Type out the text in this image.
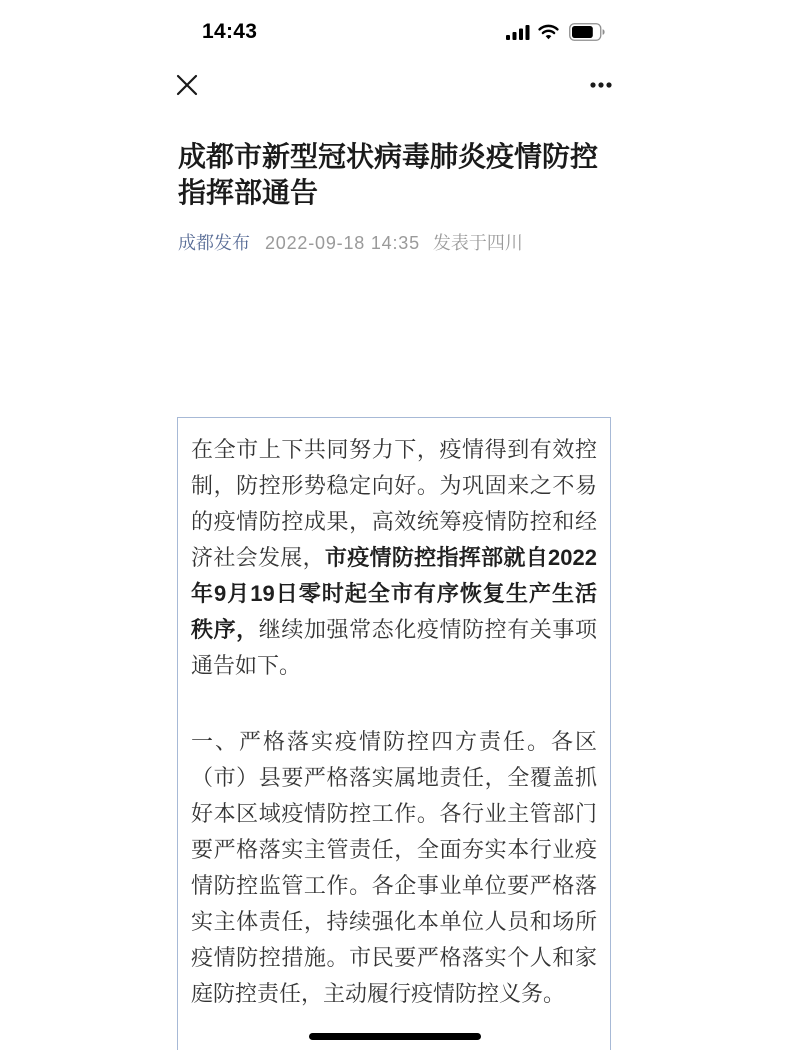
14:43
成都市新型冠状病毒肺炎疫情防控指挥部通告
成都发布 2022-09-18 14:35 发表于四川

在全市上下共同努力下，疫情得到有效控制，防控形势稳定向好。为巩固来之不易的疫情防控成果，高效统筹疫情防控和经济社会发展，市疫情防控指挥部就自2022年9月19日零时起全市有序恢复生产生活秩序，继续加强常态化疫情防控有关事项通告如下。

一、严格落实疫情防控四方责任。各区（市）县要严格落实属地责任，全覆盖抓好本区域疫情防控工作。各行业主管部门要严格落实主管责任，全面夯实本行业疫情防控监管工作。各企事业单位要严格落实主体责任，持续强化本单位人员和场所疫情防控措施。市民要严格落实个人和家庭防控责任，主动履行疫情防控义务。
